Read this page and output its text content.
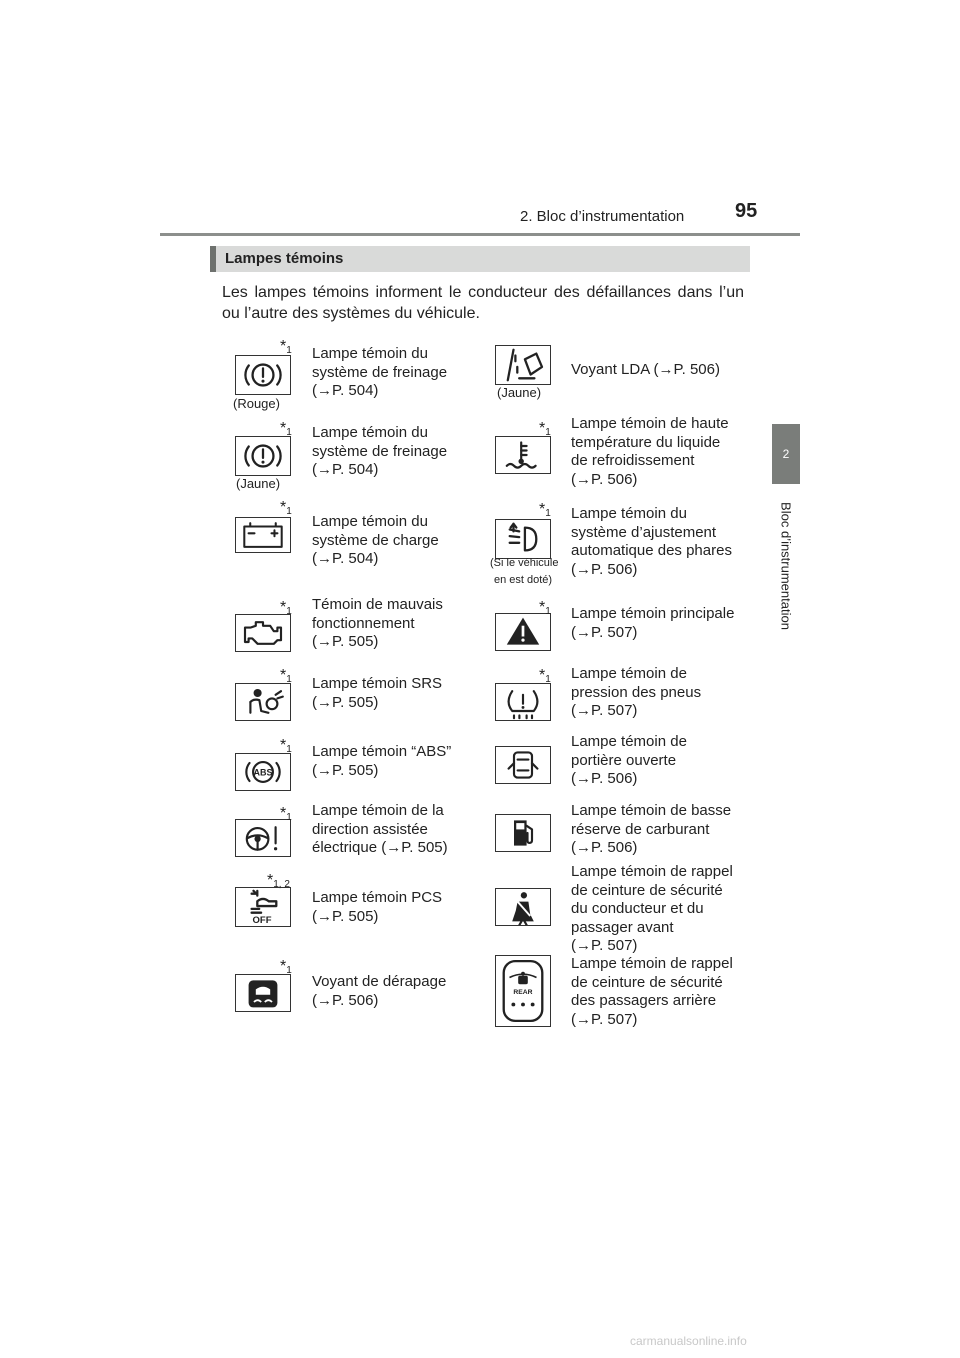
2. Bloc d’instrumentation	95
2
Bloc d’instrumentation
Lampes témoins
Les lampes témoins informent le conducteur des défaillances dans l’un ou l’autre des systèmes du véhicule.
$*_1$
(Rouge)
Lampe témoin du
système de freinage
(→P. 504)
$*_1$
(Jaune)
Lampe témoin du
système de freinage
(→P. 504)
$*_1$
Lampe témoin du
système de charge
(→P. 504)
$*_1$ Témoin de mauvais
fonctionnement
(→P. 505)
$*_1$ Lampe témoin SRS
(→P. 505)
ABS
$*_1$ Lampe témoin “ABS”
(→P. 505)
$*_1$ Lampe témoin de la
direction assistée
électrique (→P. 505)
OFF
$*_{1, 2}$
Lampe témoin PCS
(→P. 505)
$*_1$
Voyant de dérapage
(→P. 506)
(Jaune)
Voyant LDA (→P. 506)
$*_1$
Lampe témoin de haute
température du liquide
de refroidissement
(→P. 506)
$*_1$
(Si le véhicule
en est doté)
Lampe témoin du
système d’ajustement
automatique des phares
(→P. 506)
$*_1$ Lampe témoin principale
(→P. 507)
$*_1$ Lampe témoin de
pression des pneus
(→P. 507)
Lampe témoin de
portière ouverte
(→P. 506)
Lampe témoin de basse
réserve de carburant
(→P. 506)
Lampe témoin de rappel
de ceinture de sécurité
du conducteur et du
passager avant
(→P. 507)
REAR
Lampe témoin de rappel
de ceinture de sécurité
des passagers arrière
(→P. 507)
carmanualsonline.info
